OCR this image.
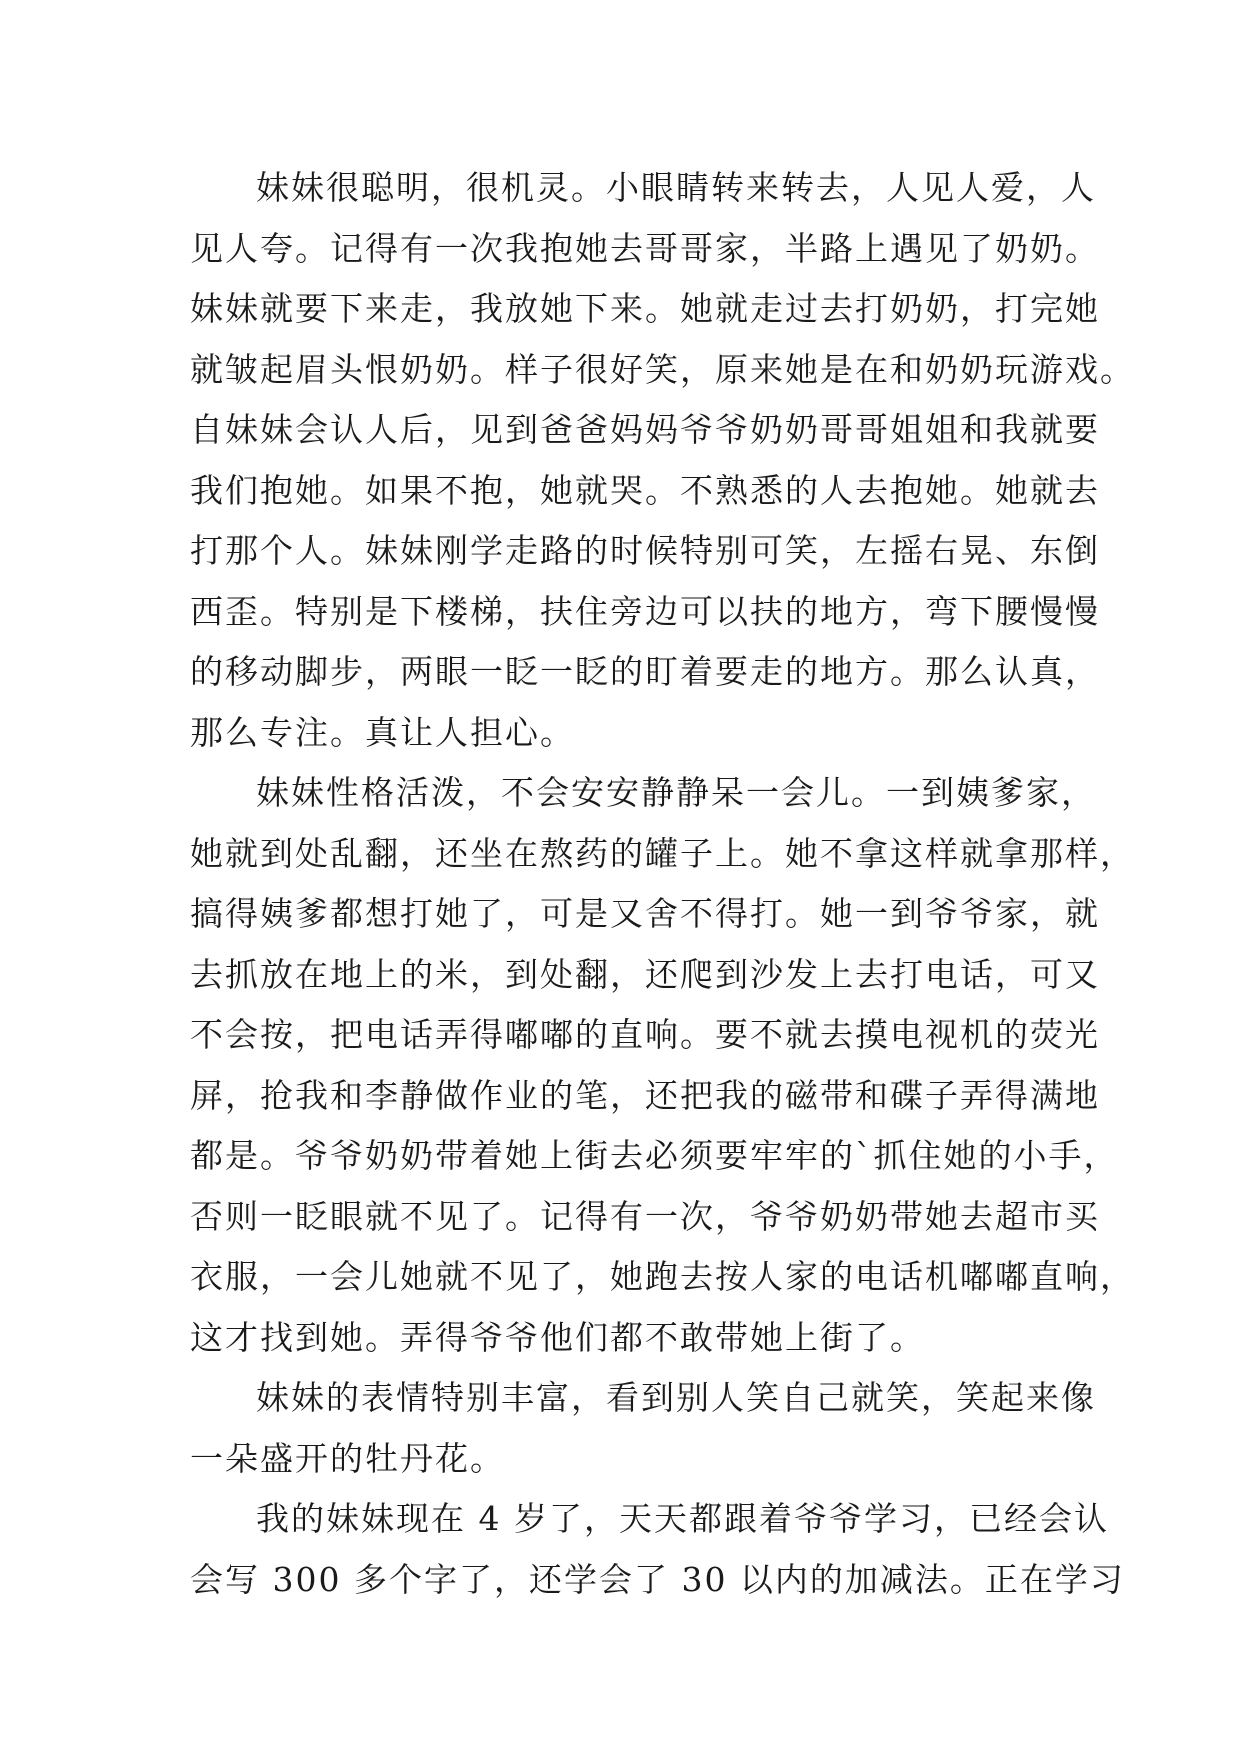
妹妹很聪明，很机灵。小眼睛转来转去，人见人爱，人
见人夸。记得有一次我抱她去哥哥家，半路上遇见了奶奶。
妹妹就要下来走，我放她下来。她就走过去打奶奶，打完她
就皱起眉头恨奶奶。样子很好笑，原来她是在和奶奶玩游戏。
自妹妹会认人后，见到爸爸妈妈爷爷奶奶哥哥姐姐和我就要
我们抱她。如果不抱，她就哭。不熟悉的人去抱她。她就去
打那个人。妹妹刚学走路的时候特别可笑，左摇右晃、东倒
西歪。特别是下楼梯，扶住旁边可以扶的地方，弯下腰慢慢
的移动脚步，两眼一眨一眨的盯着要走的地方。那么认真，
那么专注。真让人担心。
妹妹性格活泼，不会安安静静呆一会儿。一到姨爹家，
她就到处乱翻，还坐在熬药的罐子上。她不拿这样就拿那样，
搞得姨爹都想打她了，可是又舍不得打。她一到爷爷家，就
去抓放在地上的米，到处翻，还爬到沙发上去打电话，可又
不会按，把电话弄得嘟嘟的直响。要不就去摸电视机的荧光
屏，抢我和李静做作业的笔，还把我的磁带和碟子弄得满地
都是。爷爷奶奶带着她上街去必须要牢牢的`抓住她的小手，
否则一眨眼就不见了。记得有一次，爷爷奶奶带她去超市买
衣服，一会儿她就不见了，她跑去按人家的电话机嘟嘟直响，
这才找到她。弄得爷爷他们都不敢带她上街了。
妹妹的表情特别丰富，看到别人笑自己就笑，笑起来像
一朵盛开的牡丹花。
我的妹妹现在 4 岁了，天天都跟着爷爷学习，已经会认
会写 300 多个字了，还学会了 30 以内的加减法。正在学习
